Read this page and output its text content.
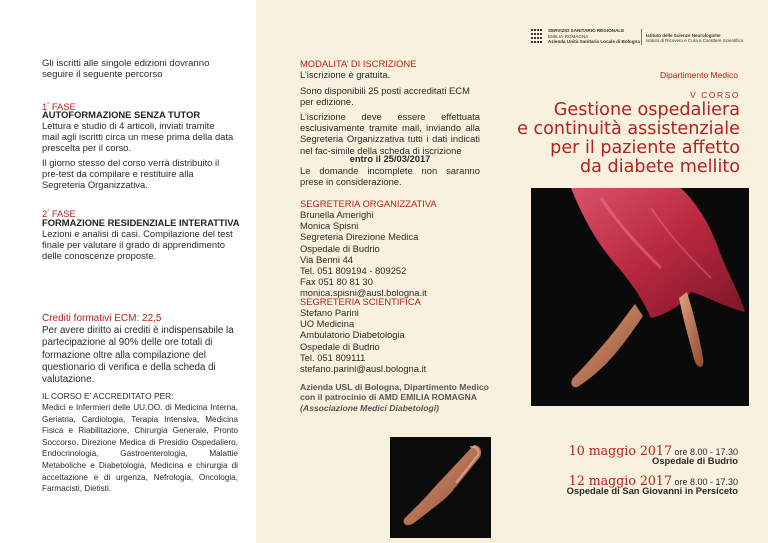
Gli iscritti alle singole edizioni dovranno seguire il seguente percorso
1° FASE
AUTOFORMAZIONE SENZA TUTOR
Lettura e studio di 4 articoli, inviati tramite mail agli iscritti circa un mese prima della data prescelta per il corso.
Il giorno stesso del corso verrà distribuito il pre-test da compilare e restituire alla Segreteria Organizzativa.
2° FASE
FORMAZIONE RESIDENZIALE INTERATTIVA
Lezioni e analisi di casi. Compilazione del test finale per valutare il grado di apprendimento delle conoscenze proposte.
Crediti formativi ECM: 22,5
Per avere diritto ai crediti è indispensabile la partecipazione al 90% delle ore totali di formazione oltre alla compilazione del questionario di verifica e della scheda di valutazione.
IL CORSO E’ ACCREDITATO PER:
Medici e Infermieri delle UU.OO. di Medicina Interna, Geriatria, Cardiologia, Terapia Intensiva, Medicina Fisica e Riabilitazione, Chirurgia Generale, Pronto Soccorso, Direzione Medica di Presidio Ospedaliero, Endocrinologia, Gastroenterologia, Malattie Metaboliche e Diabetologia, Medicina e chirurgia di accettazione e di urgenza, Nefrologia, Oncologia, Farmacisti, Dietisti.
MODALITA’ DI ISCRIZIONE
L’iscrizione è gratuita.
Sono disponibili 25 posti accreditati ECM per edizione.
L’iscrizione deve essere effettuata esclusivamente tramite mail, inviando alla Segreteria Organizzativa tutti i dati indicati nel fac-simile della scheda di iscrizione
entro il 25/03/2017
Le domande incomplete non saranno prese in considerazione.
SEGRETERIA ORGANIZZATIVA
Brunella Amerighi
Monica Spisni
Segreteria Direzione Medica
Ospedale di Budrio
Via Benni 44
Tel. 051 809194 - 809252
Fax 051 80 81 30
monica.spisni@ausl.bologna.it
SEGRETERIA SCIENTIFICA
Stefano Parini
UO Medicina
Ambulatorio Diabetologia
Ospedale di Budrio
Tel. 051 809111
stefano.parini@ausl.bologna.it
Azienda USL di Bologna, Dipartimento Medico
con il patrocinio di AMD EMILIA ROMAGNA
(Associazione Medici Diabetologi)
SERVIZIO SANITARIO REGIONALE
EMILIA-ROMAGNA
Azienda Unità Sanitaria Locale di Bologna
Istituto delle Scienze Neurologiche
Istituto di Ricovero e Cura a Carattere Scientifico
Dipartimento Medico
V CORSO
Gestione ospedaliera
e continuità assistenziale
per il paziente affetto
da diabete mellito
10 maggio 2017 ore 8.00 - 17.30
Ospedale di Budrio
12 maggio 2017 ore 8.00 - 17.30
Ospedale di San Giovanni in Persiceto
